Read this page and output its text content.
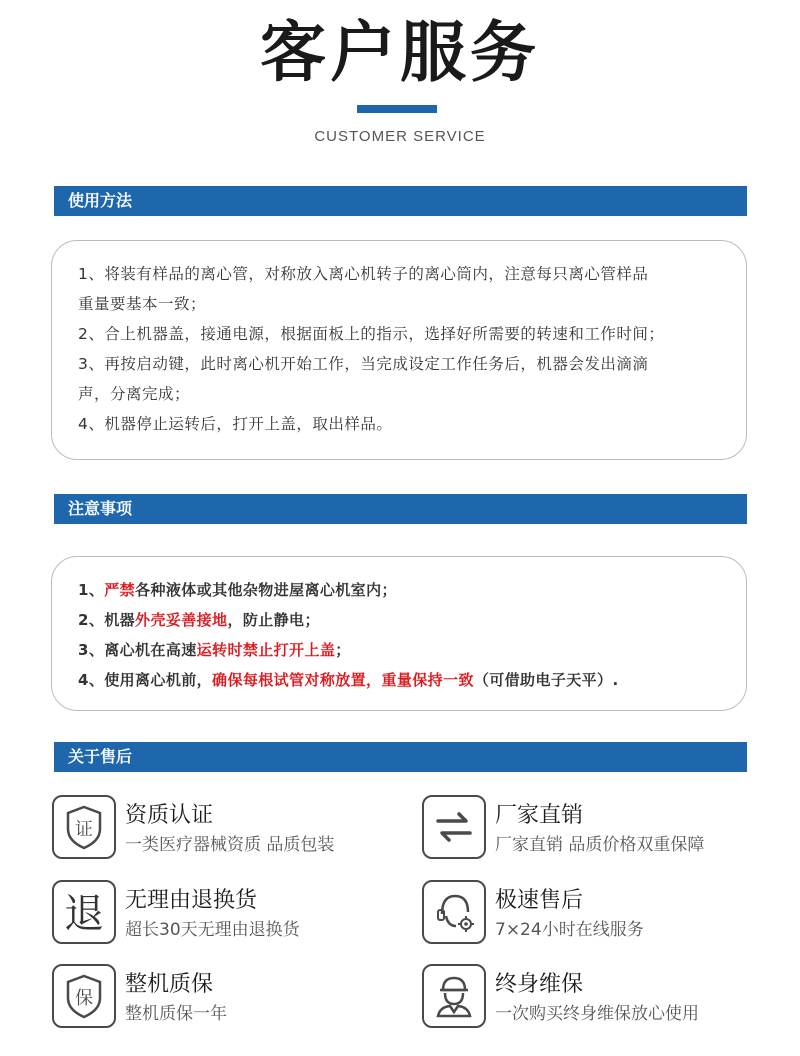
客户服务
CUSTOMER SERVICE
使用方法

1、将装有样品的离心管，对称放入离心机转子的离心筒内，注意每只离心管样品

重量要基本一致；

2、合上机器盖，接通电源，根据面板上的指示，选择好所需要的转速和工作时间；

3、再按启动键，此时离心机开始工作，当完成设定工作任务后，机器会发出滴滴

声，分离完成；

4、机器停止运转后，打开上盖，取出样品。

注意事项

1、严禁各种液体或其他杂物进屋离心机室内；

2、机器外壳妥善接地，防止静电；

3、离心机在高速运转时禁止打开上盖；

4、使用离心机前，确保每根试管对称放置，重量保持一致（可借助电子天平）.

关于售后
证
资质认证
一类医疗器械资质 品质包装
厂家直销
厂家直销 品质价格双重保障
退 无理由退换货
超长30天无理由退换货
极速售后
7×24小时在线服务
保
整机质保
整机质保一年
终身维保
一次购买终身维保放心使用
